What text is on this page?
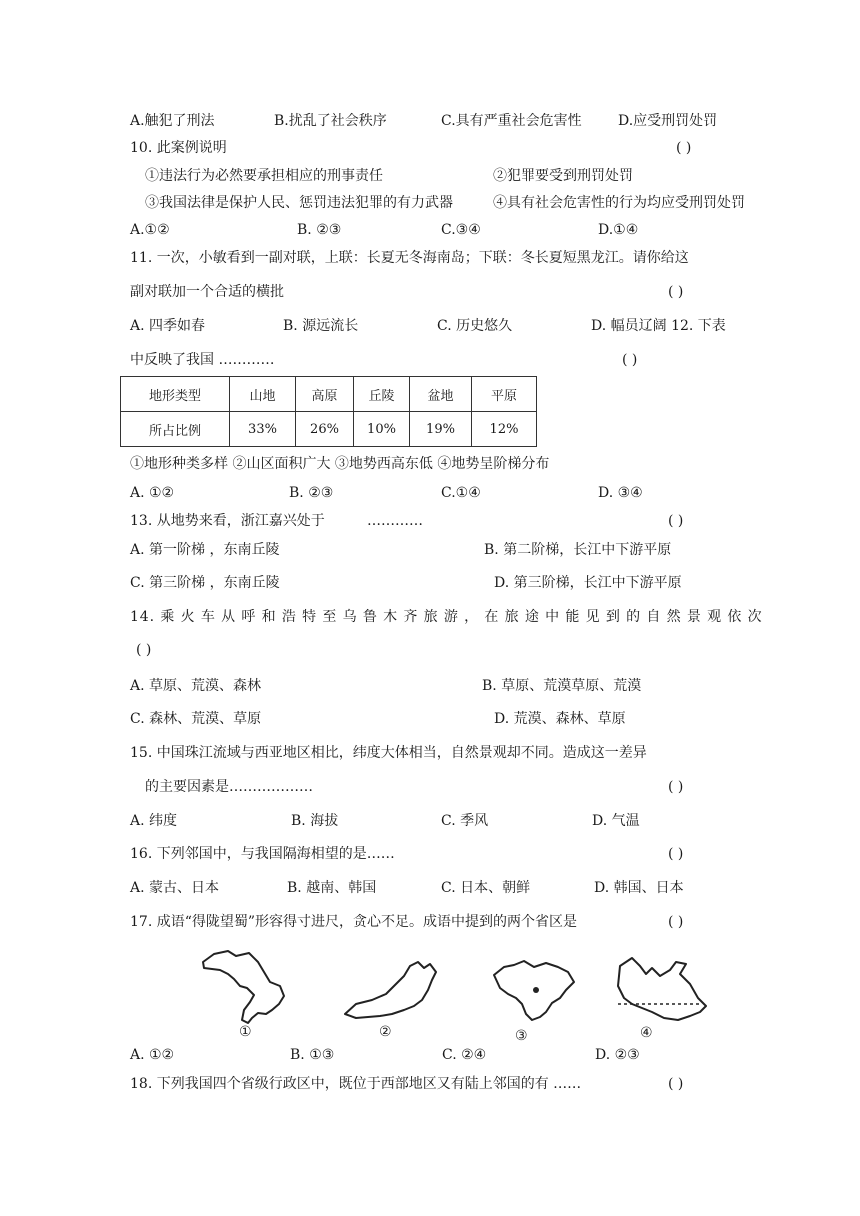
A.触犯了刑法	B.扰乱了社会秩序	C.具有严重社会危害性	D.应受刑罚处罚
10. 此案例说明	( )
①违法行为必然要承担相应的刑事责任	②犯罪要受到刑罚处罚
③我国法律是保护人民、惩罚违法犯罪的有力武器	④具有社会危害性的行为均应受刑罚处罚
A.①②	B. ②③	C.③④	D.①④
11. 一次，小敏看到一副对联，上联：长夏无冬海南岛；下联：冬长夏短黑龙江。请你给这
副对联加一个合适的横批	( )
A. 四季如春	B. 源远流长	C. 历史悠久	D. 幅员辽阔 12. 下表
中反映了我国 …………	( )
地形类型	山地	高原	丘陵	盆地	平原
所占比例	33%	26%	10%	19%	12%
①地形种类多样 ②山区面积广大 ③地势西高东低 ④地势呈阶梯分布
A. ①②	B. ②③	C.①④	D. ③④
13. 从地势来看，浙江嘉兴处于	…………	( )
A. 第一阶梯 ，东南丘陵	B. 第二阶梯，长江中下游平原
C. 第三阶梯 ，东南丘陵	D. 第三阶梯，长江中下游平原
14. 乘 火 车 从 呼 和 浩 特 至 乌 鲁 木 齐 旅 游 ， 在 旅 途 中 能 见 到 的 自 然 景 观 依 次
( )
A. 草原、荒漠、森林	B. 草原、荒漠草原、荒漠
C. 森林、荒漠、草原	D. 荒漠、森林、草原
15. 中国珠江流域与西亚地区相比，纬度大体相当，自然景观却不同。造成这一差异
的主要因素是………………	( )
A. 纬度	B. 海拔	C. 季风	D. 气温
16. 下列邻国中，与我国隔海相望的是……	( )
A. 蒙古、日本	B. 越南、韩国	C. 日本、朝鲜	D. 韩国、日本
17. 成语“得陇望蜀”形容得寸进尺，贪心不足。成语中提到的两个省区是	( )
①	②	③	④
A. ①②	B. ①③	C. ②④	D. ②③
18. 下列我国四个省级行政区中，既位于西部地区又有陆上邻国的有 ……	( )
